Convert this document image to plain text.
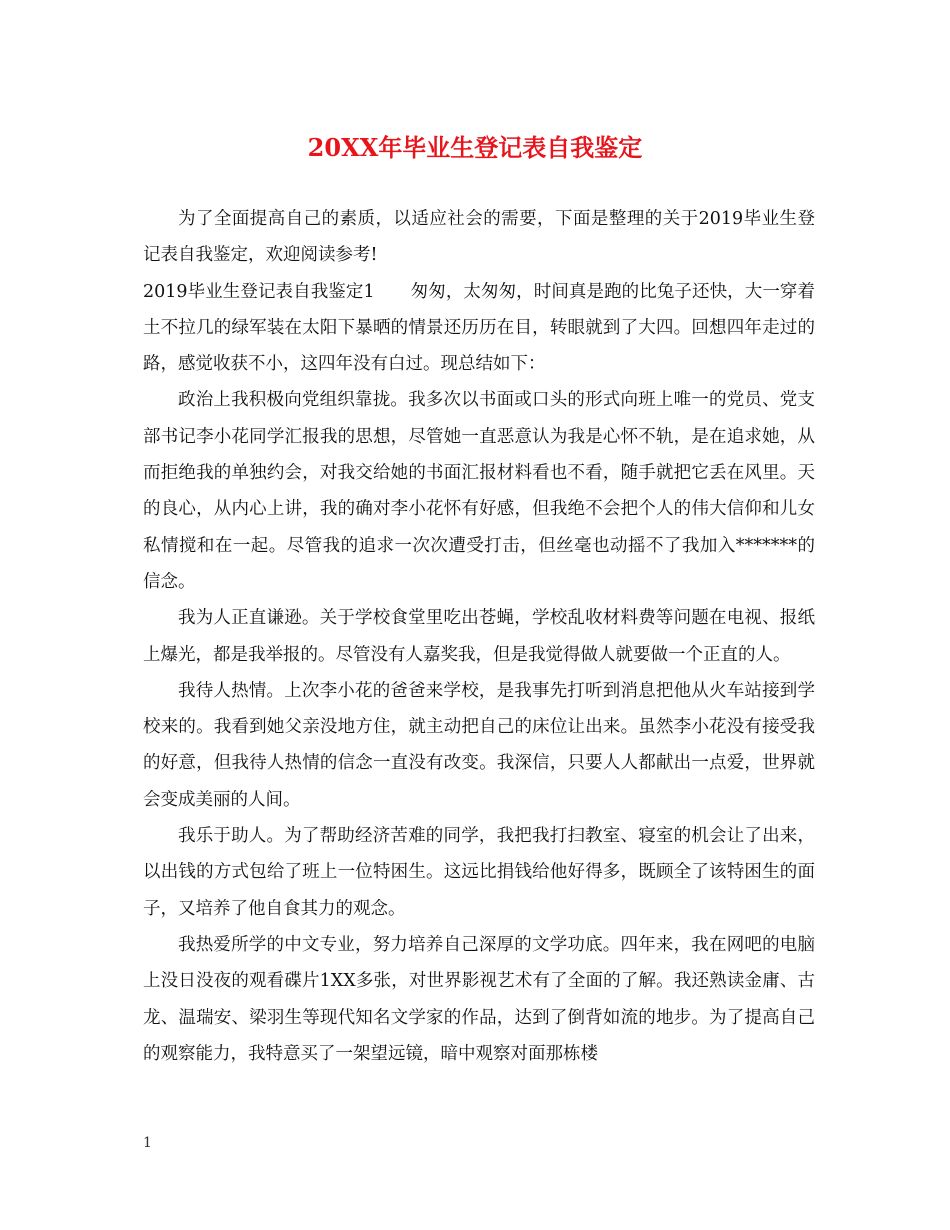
20XX年毕业生登记表自我鉴定

为了全面提高自己的素质，以适应社会的需要，下面是整理的关于2019毕业生登记表自我鉴定，欢迎阅读参考!

2019毕业生登记表自我鉴定1 匆匆，太匆匆，时间真是跑的比兔子还快，大一穿着土不拉几的绿军装在太阳下暴晒的情景还历历在目，转眼就到了大四。回想四年走过的路，感觉收获不小，这四年没有白过。现总结如下：

政治上我积极向党组织靠拢。我多次以书面或口头的形式向班上唯一的党员、党支部书记李小花同学汇报我的思想，尽管她一直恶意认为我是心怀不轨，是在追求她，从而拒绝我的单独约会，对我交给她的书面汇报材料看也不看，随手就把它丢在风里。天的良心，从内心上讲，我的确对李小花怀有好感，但我绝不会把个人的伟大信仰和儿女私情搅和在一起。尽管我的追求一次次遭受打击，但丝毫也动摇不了我加入*******的信念。

我为人正直谦逊。关于学校食堂里吃出苍蝇，学校乱收材料费等问题在电视、报纸上爆光，都是我举报的。尽管没有人嘉奖我，但是我觉得做人就要做一个正直的人。

我待人热情。上次李小花的爸爸来学校，是我事先打听到消息把他从火车站接到学校来的。我看到她父亲没地方住，就主动把自己的床位让出来。虽然李小花没有接受我的好意，但我待人热情的信念一直没有改变。我深信，只要人人都献出一点爱，世界就会变成美丽的人间。

我乐于助人。为了帮助经济苦难的同学，我把我打扫教室、寝室的机会让了出来，以出钱的方式包给了班上一位特困生。这远比捐钱给他好得多，既顾全了该特困生的面子，又培养了他自食其力的观念。

我热爱所学的中文专业，努力培养自己深厚的文学功底。四年来，我在网吧的电脑上没日没夜的观看碟片1XX多张，对世界影视艺术有了全面的了解。我还熟读金庸、古龙、温瑞安、梁羽生等现代知名文学家的作品，达到了倒背如流的地步。为了提高自己的观察能力，我特意买了一架望远镜，暗中观察对面那栋楼

1
